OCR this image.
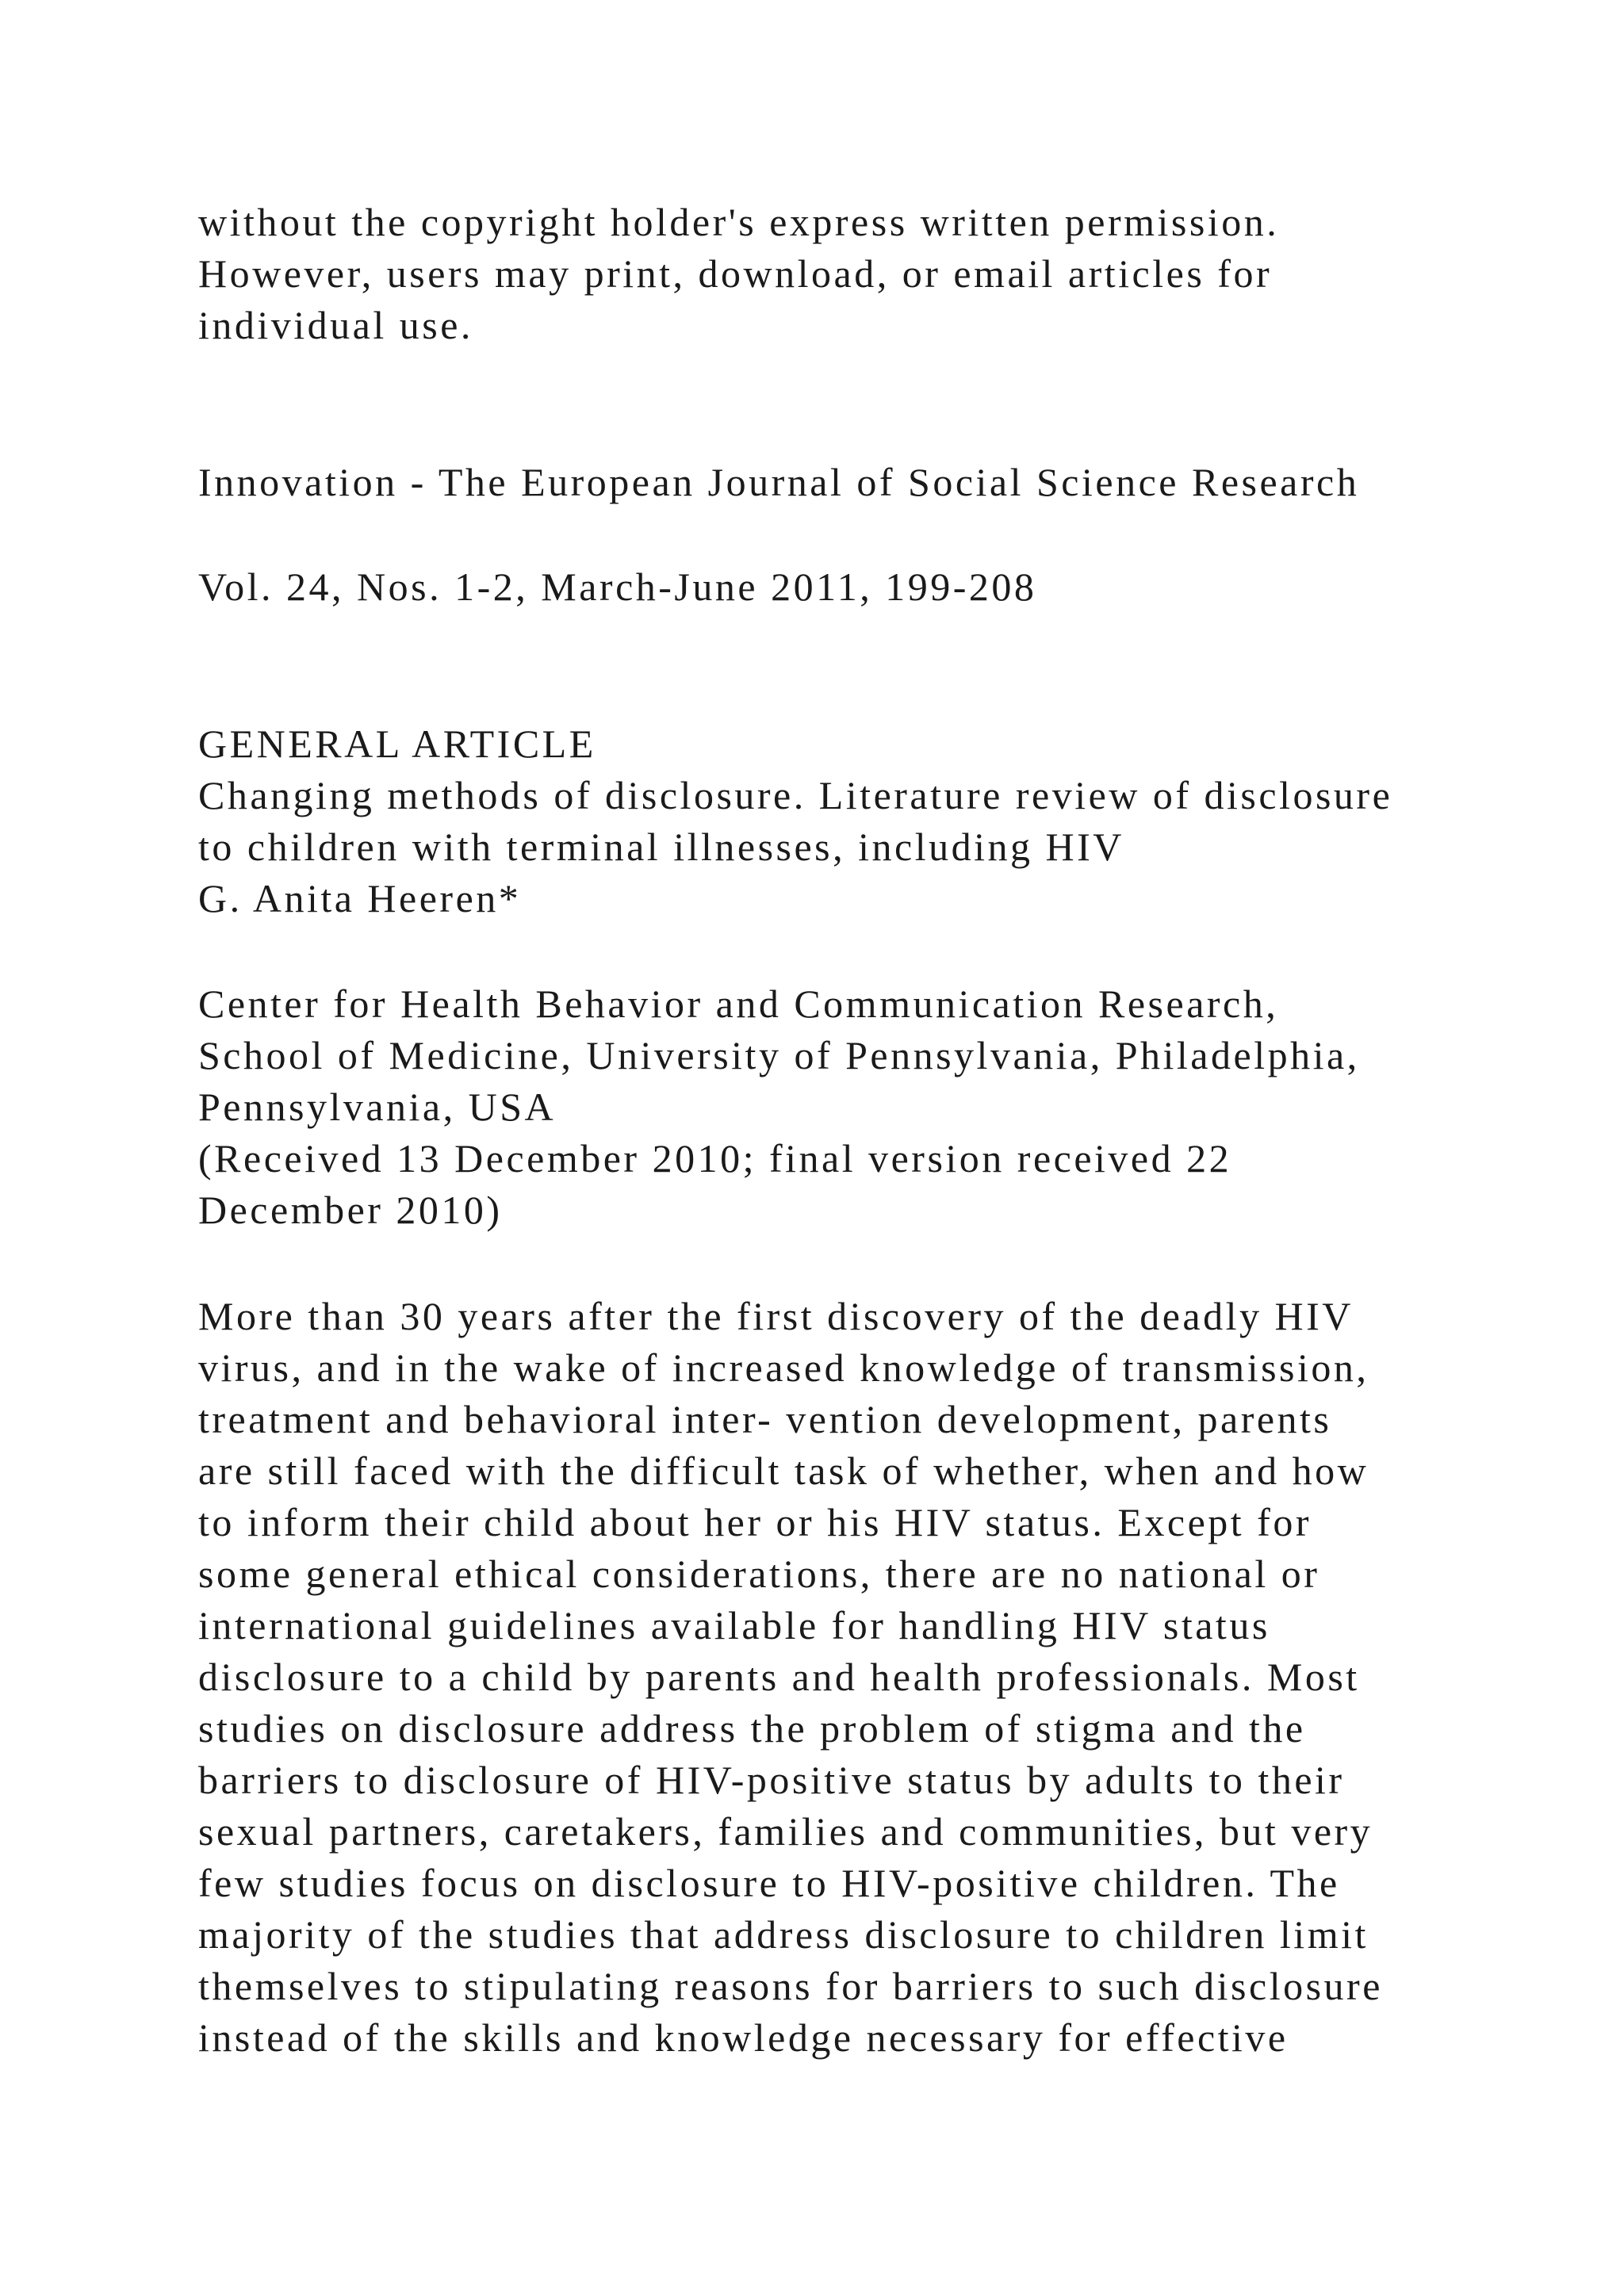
without the copyright holder's express written permission.
However, users may print, download, or email articles for
individual use.

Innovation - The European Journal of Social Science Research

Vol. 24, Nos. 1-2, March-June 2011, 199-208

GENERAL ARTICLE
Changing methods of disclosure. Literature review of disclosure
to children with terminal illnesses, including HIV
G. Anita Heeren*
Center for Health Behavior and Communication Research,
School of Medicine, University of Pennsylvania, Philadelphia,
Pennsylvania, USA
(Received 13 December 2010; final version received 22
December 2010)
More than 30 years after the first discovery of the deadly HIV
virus, and in the wake of increased knowledge of transmission,
treatment and behavioral inter- vention development, parents
are still faced with the difficult task of whether, when and how
to inform their child about her or his HIV status. Except for
some general ethical considerations, there are no national or
international guidelines available for handling HIV status
disclosure to a child by parents and health professionals. Most
studies on disclosure address the problem of stigma and the
barriers to disclosure of HIV-positive status by adults to their
sexual partners, caretakers, families and communities, but very
few studies focus on disclosure to HIV-positive children. The
majority of the studies that address disclosure to children limit
themselves to stipulating reasons for barriers to such disclosure
instead of the skills and knowledge necessary for effective
